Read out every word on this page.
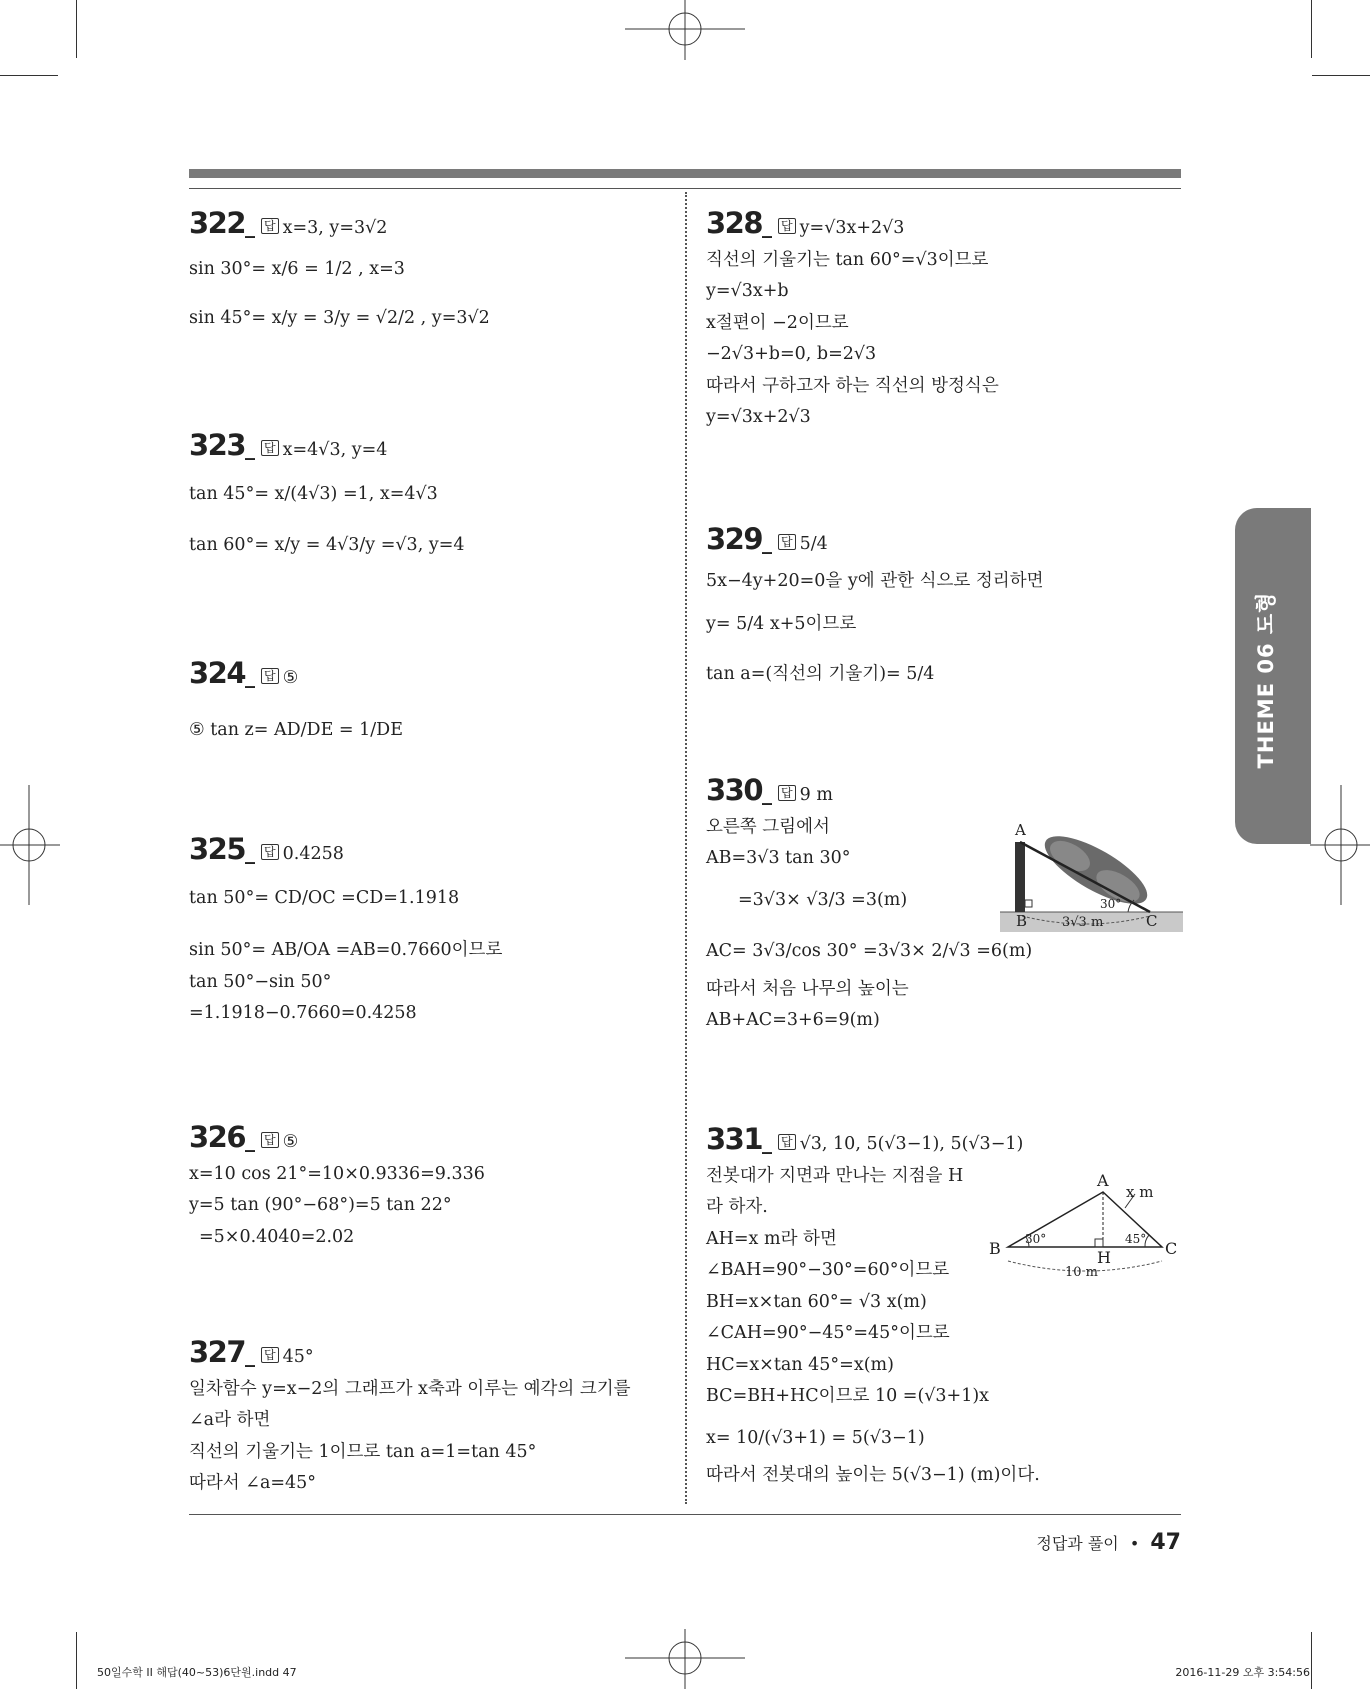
322_ 답 x=3, y=3√2
sin 30°= x/6 = 1/2 , x=3
sin 45°= x/y = 3/y = √2/2 , y=3√2
323_ 답 x=4√3, y=4
tan 45°= x/(4√3) =1, x=4√3
tan 60°= x/y = 4√3/y =√3, y=4
324_ 답 ⑤
⑤ tan z= AD/DE = 1/DE
325_ 답 0.4258
tan 50°= CD/OC =CD=1.1918
sin 50°= AB/OA =AB=0.7660이므로
tan 50°−sin 50°
=1.1918−0.7660=0.4258
326_ 답 ⑤
x=10 cos 21°=10×0.9336=9.336
y=5 tan (90°−68°)=5 tan 22°
=5×0.4040=2.02
327_ 답 45°
일차함수 y=x−2의 그래프가 x축과 이루는 예각의 크기를
∠a라 하면
직선의 기울기는 1이므로 tan a=1=tan 45°
따라서 ∠a=45°
328_ 답 y=√3x+2√3
직선의 기울기는 tan 60°=√3이므로
y=√3x+b
x절편이 −2이므로
−2√3+b=0, b=2√3
따라서 구하고자 하는 직선의 방정식은
y=√3x+2√3
329_ 답 5/4
5x−4y+20=0을 y에 관한 식으로 정리하면
y= 5/4 x+5이므로
tan a=(직선의 기울기)= 5/4
330_ 답 9 m
오른쪽 그림에서
AB=3√3 tan 30°
=3√3× √3/3 =3(m)
AC= 3√3/cos 30° =3√3× 2/√3 =6(m)
따라서 처음 나무의 높이는
AB+AC=3+6=9(m)
331_ 답 √3, 10, 5(√3−1), 5(√3−1)
전봇대가 지면과 만나는 지점을 H
라 하자.
AH=x m라 하면
∠BAH=90°−30°=60°이므로
BH=x×tan 60°= √3 x(m)
∠CAH=90°−45°=45°이므로
HC=x×tan 45°=x(m)
BC=BH+HC이므로 10 =(√3+1)x
x= 10/(√3+1) = 5(√3−1)
따라서 전봇대의 높이는 5(√3−1) (m)이다.
A
B	C
30°
3√3 m
A
B	C
H
x m
30°	45°
10 m
THEME 06 도형
정답과 풀이 • 47
50일수학 II 해답(40~53)6단원.indd 47	2016-11-29 오후 3:54:56
